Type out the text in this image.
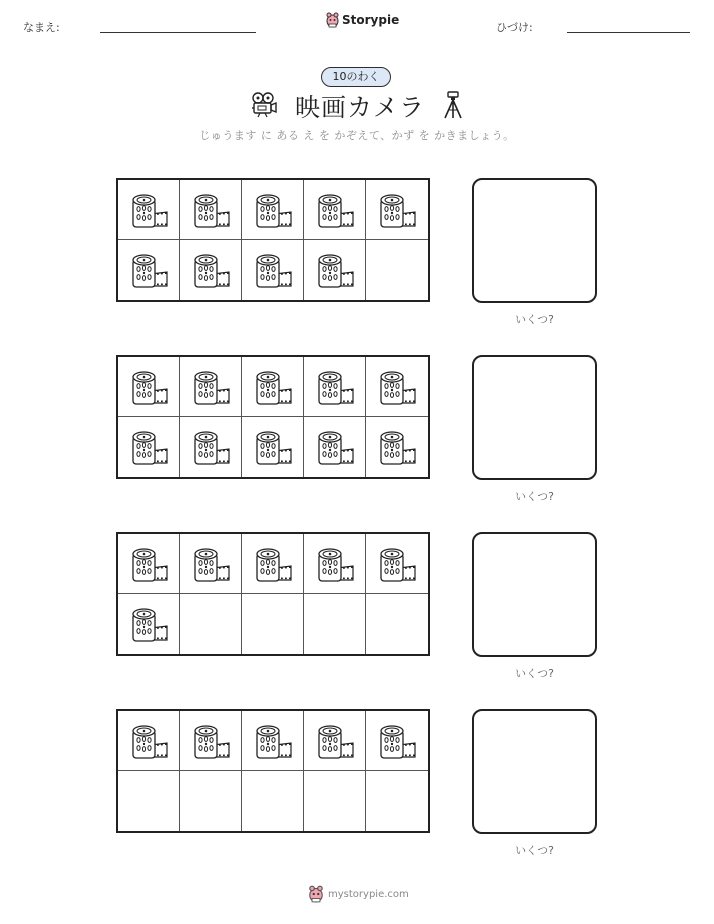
なまえ:
Storypie
ひづけ:
10のわく
映画カメラ
じゅうます に ある え を かぞえて、かず を かきましょう。
いくつ?
いくつ?
いくつ?
いくつ?
mystorypie.com
